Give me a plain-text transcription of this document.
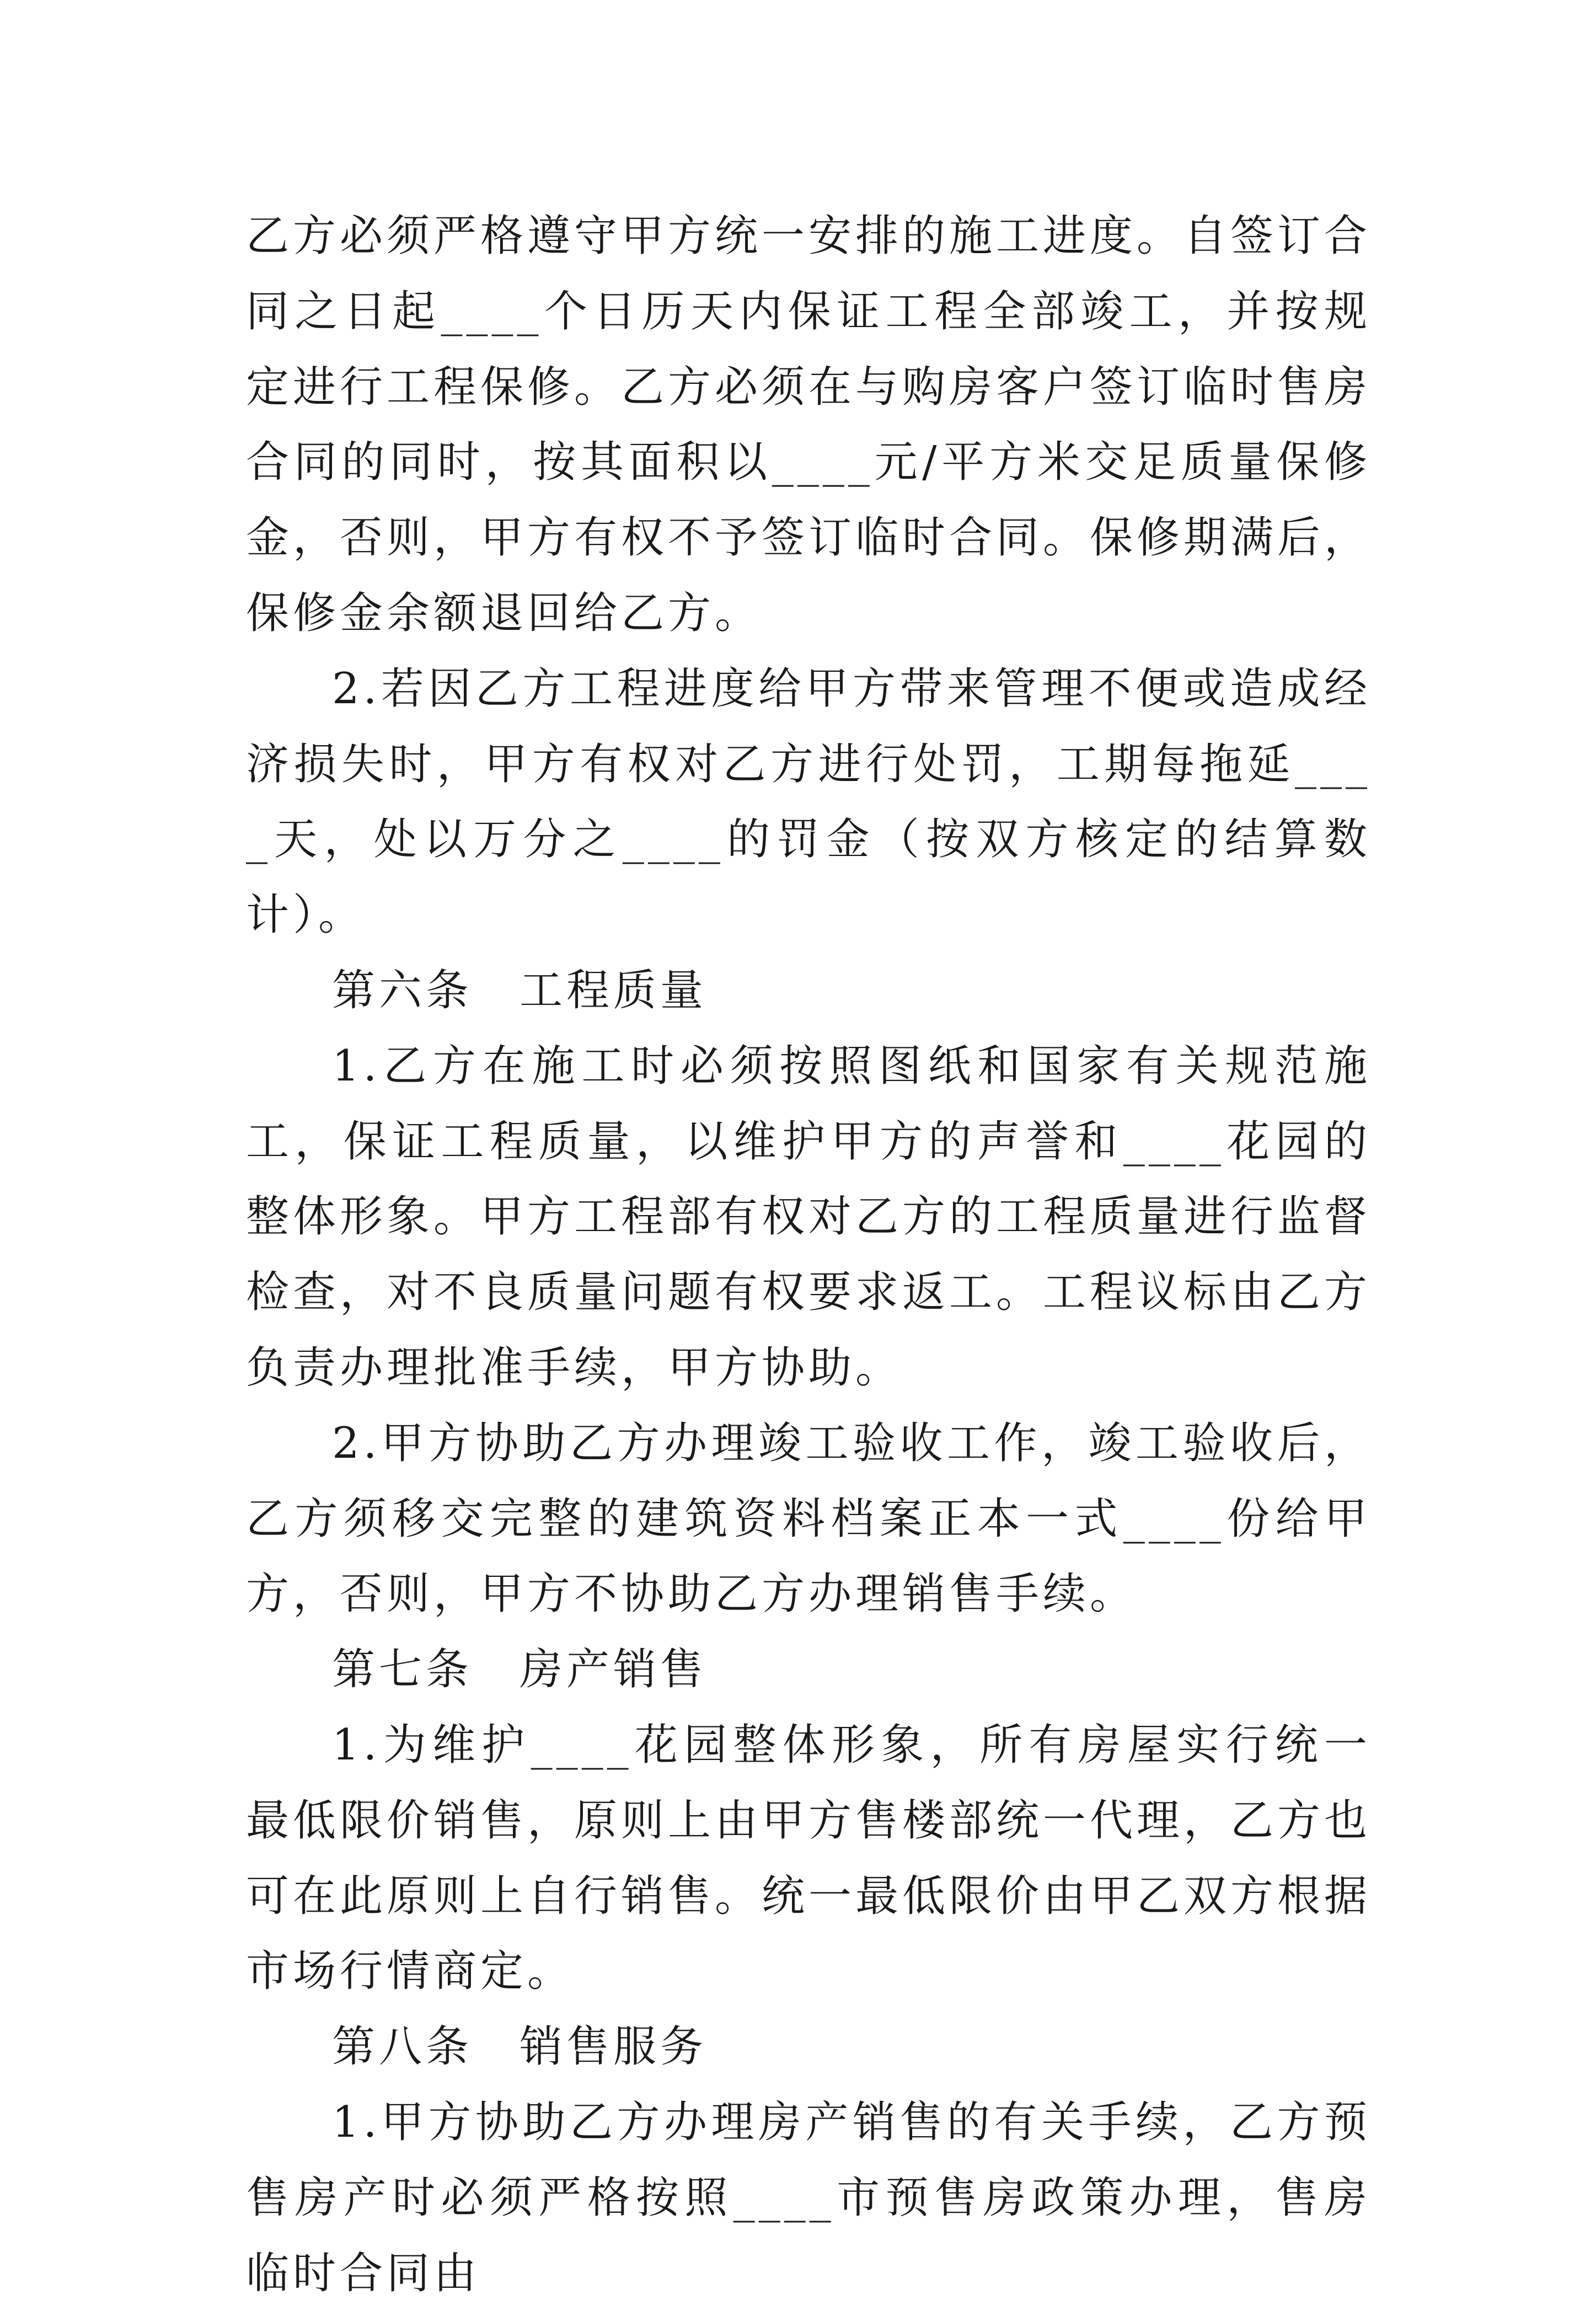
乙方必须严格遵守甲方统一安排的施工进度。自签订合同之日起____个日历天内保证工程全部竣工，并按规定进行工程保修。乙方必须在与购房客户签订临时售房合同的同时，按其面积以____元/平方米交足质量保修金，否则，甲方有权不予签订临时合同。保修期满后，保修金余额退回给乙方。

2.若因乙方工程进度给甲方带来管理不便或造成经济损失时，甲方有权对乙方进行处罚，工期每拖延____天，处以万分之____的罚金（按双方核定的结算数计）。

第六条　工程质量

1.乙方在施工时必须按照图纸和国家有关规范施工，保证工程质量，以维护甲方的声誉和____花园的整体形象。甲方工程部有权对乙方的工程质量进行监督检查，对不良质量问题有权要求返工。工程议标由乙方负责办理批准手续，甲方协助。

2.甲方协助乙方办理竣工验收工作，竣工验收后，乙方须移交完整的建筑资料档案正本一式____份给甲方，否则，甲方不协助乙方办理销售手续。

第七条　房产销售

1.为维护____花园整体形象，所有房屋实行统一最低限价销售，原则上由甲方售楼部统一代理，乙方也可在此原则上自行销售。统一最低限价由甲乙双方根据市场行情商定。

第八条　销售服务

1.甲方协助乙方办理房产销售的有关手续，乙方预售房产时必须严格按照____市预售房政策办理，售房临时合同由
